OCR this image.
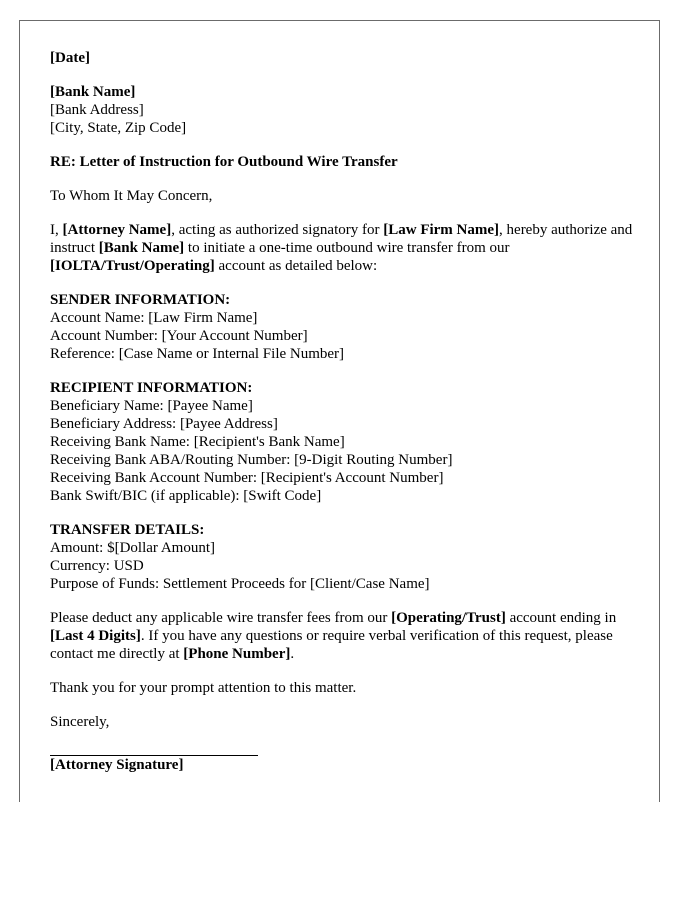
[Date]
[Bank Name]
[Bank Address]
[City, State, Zip Code]
RE: Letter of Instruction for Outbound Wire Transfer
To Whom It May Concern,

I, [Attorney Name], acting as authorized signatory for [Law Firm Name], hereby authorize and instruct [Bank Name] to initiate a one-time outbound wire transfer from our [IOLTA/Trust/Operating] account as detailed below:

SENDER INFORMATION:
Account Name: [Law Firm Name]
Account Number: [Your Account Number]
Reference: [Case Name or Internal File Number]
RECIPIENT INFORMATION:
Beneficiary Name: [Payee Name]
Beneficiary Address: [Payee Address]
Receiving Bank Name: [Recipient's Bank Name]
Receiving Bank ABA/Routing Number: [9-Digit Routing Number]
Receiving Bank Account Number: [Recipient's Account Number]
Bank Swift/BIC (if applicable): [Swift Code]
TRANSFER DETAILS:
Amount: $[Dollar Amount]
Currency: USD
Purpose of Funds: Settlement Proceeds for [Client/Case Name]

Please deduct any applicable wire transfer fees from our [Operating/Trust] account ending in [Last 4 Digits]. If you have any questions or require verbal verification of this request, please contact me directly at [Phone Number].

Thank you for your prompt attention to this matter.
Sincerely,
[Attorney Signature]
